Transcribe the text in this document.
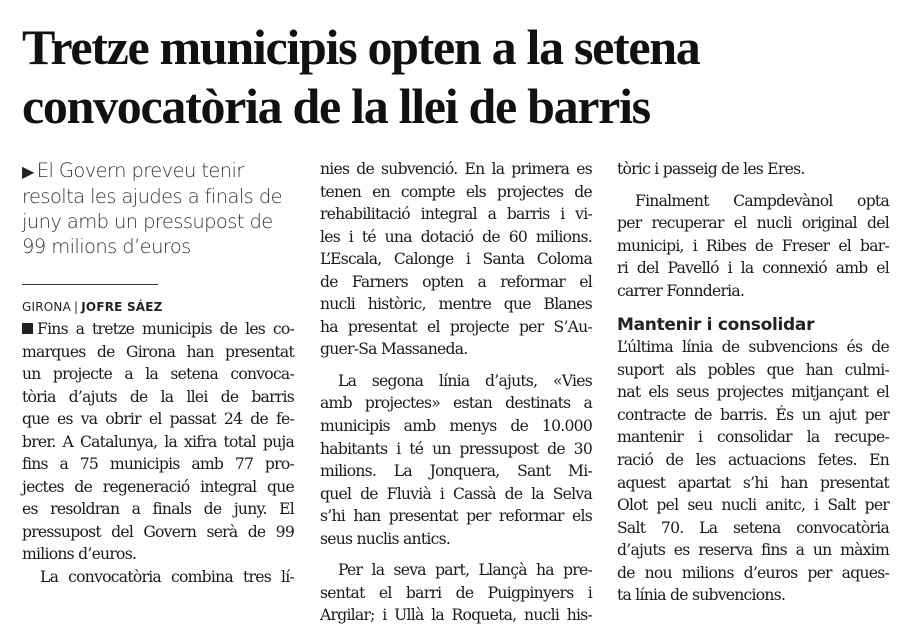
Tretze municipis opten a la setena
convocatòria de la llei de barris
▶ El Govern preveu tenir
resolta les ajudes a finals de
juny amb un pressupost de
99 milions d’euros
GIRONA | JOFRE SÁEZ
Fins a tretze municipis de les co-
marques de Girona han presentat
un projecte a la setena convoca-
tòria d’ajuts de la llei de barris
que es va obrir el passat 24 de fe-
brer. A Catalunya, la xifra total puja
fins a 75 municipis amb 77 pro-
jectes de regeneració integral que
es resoldran a finals de juny. El
pressupost del Govern serà de 99
milions d’euros.
La convocatòria combina tres lí-
nies de subvenció. En la primera es
tenen en compte els projectes de
rehabilitació integral a barris i vi-
les i té una dotació de 60 milions.
L’Escala, Calonge i Santa Coloma
de Farners opten a reformar el
nucli històric, mentre que Blanes
ha presentat el projecte per S’Au-
guer-Sa Massaneda.
La segona línia d’ajuts, «Vies
amb projectes» estan destinats a
municipis amb menys de 10.000
habitants i té un pressupost de 30
milions. La Jonquera, Sant Mi-
quel de Fluvià i Cassà de la Selva
s’hi han presentat per reformar els
seus nuclis antics.
Per la seva part, Llançà ha pre-
sentat el barri de Puigpinyers i
Argilar; i Ullà la Roqueta, nucli his-
tòric i passeig de les Eres.
Finalment Campdevànol opta
per recuperar el nucli original del
municipi, i Ribes de Freser el bar-
ri del Pavelló i la connexió amb el
carrer Fonnderia.
Mantenir i consolidar
L’última línia de subvencions és de
suport als pobles que han culmi-
nat els seus projectes mitjançant el
contracte de barris. És un ajut per
mantenir i consolidar la recupe-
ració de les actuacions fetes. En
aquest apartat s’hi han presentat
Olot pel seu nucli anitc, i Salt per
Salt 70. La setena convocatòria
d’ajuts es reserva fins a un màxim
de nou milions d’euros per aques-
ta línia de subvencions.
